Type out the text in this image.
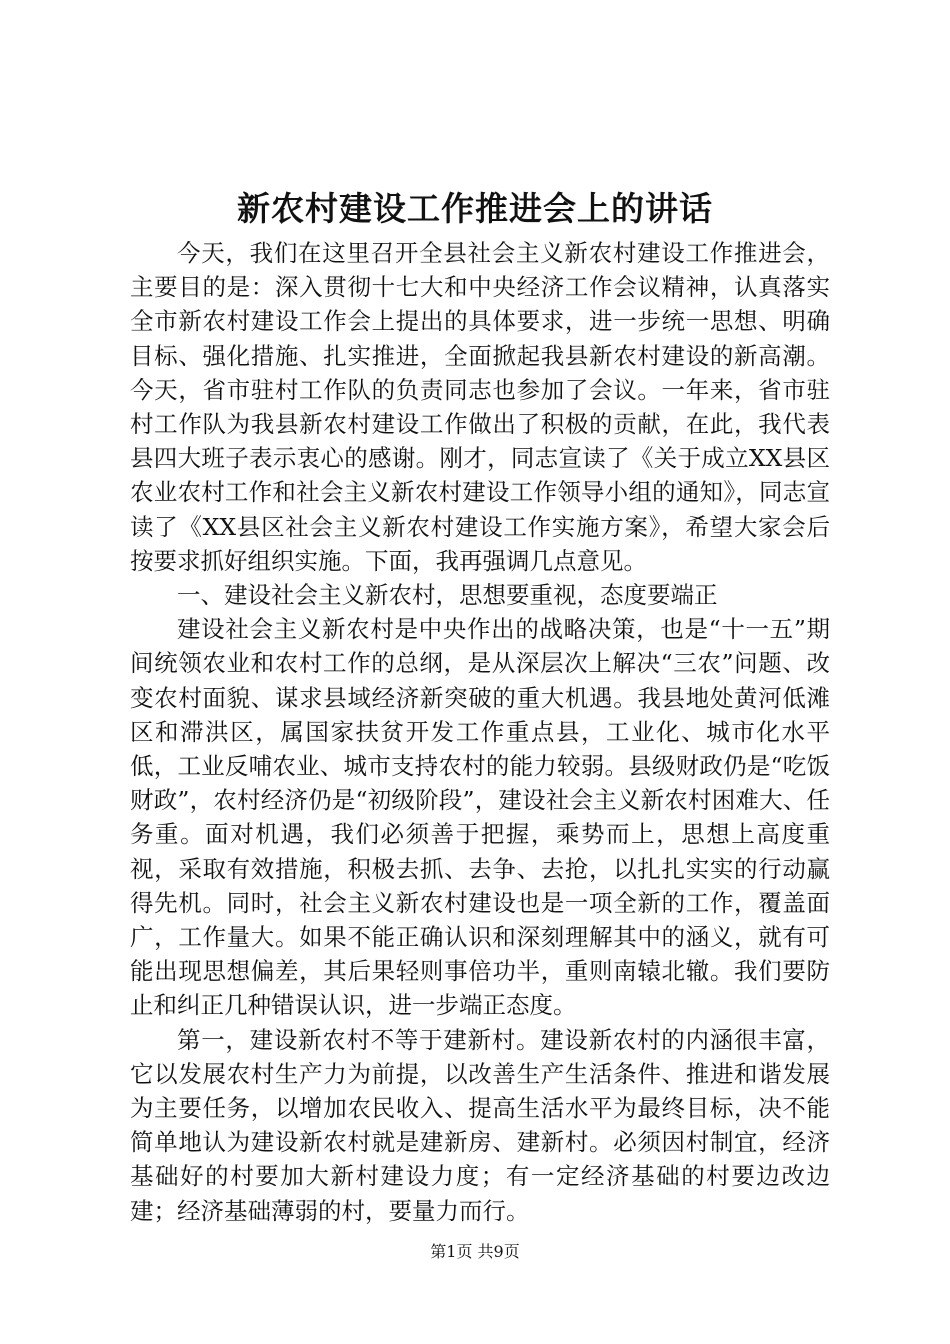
新农村建设工作推进会上的讲话

今天，我们在这里召开全县社会主义新农村建设工作推进会，主要目的是：深入贯彻十七大和中央经济工作会议精神，认真落实全市新农村建设工作会上提出的具体要求，进一步统一思想、明确目标、强化措施、扎实推进，全面掀起我县新农村建设的新高潮。今天，省市驻村工作队的负责同志也参加了会议。一年来，省市驻村工作队为我县新农村建设工作做出了积极的贡献，在此，我代表县四大班子表示衷心的感谢。刚才，同志宣读了《关于成立XX县区农业农村工作和社会主义新农村建设工作领导小组的通知》，同志宣读了《XX县区社会主义新农村建设工作实施方案》，希望大家会后按要求抓好组织实施。下面，我再强调几点意见。

一、建设社会主义新农村，思想要重视，态度要端正

建设社会主义新农村是中央作出的战略决策，也是“十一五”期间统领农业和农村工作的总纲，是从深层次上解决“三农”问题、改变农村面貌、谋求县域经济新突破的重大机遇。我县地处黄河低滩区和滞洪区，属国家扶贫开发工作重点县，工业化、城市化水平低，工业反哺农业、城市支持农村的能力较弱。县级财政仍是“吃饭财政”，农村经济仍是“初级阶段”，建设社会主义新农村困难大、任务重。面对机遇，我们必须善于把握，乘势而上，思想上高度重视，采取有效措施，积极去抓、去争、去抢，以扎扎实实的行动赢得先机。同时，社会主义新农村建设也是一项全新的工作，覆盖面广，工作量大。如果不能正确认识和深刻理解其中的涵义，就有可能出现思想偏差，其后果轻则事倍功半，重则南辕北辙。我们要防止和纠正几种错误认识，进一步端正态度。

第一，建设新农村不等于建新村。建设新农村的内涵很丰富，它以发展农村生产力为前提，以改善生产生活条件、推进和谐发展为主要任务，以增加农民收入、提高生活水平为最终目标，决不能简单地认为建设新农村就是建新房、建新村。必须因村制宜，经济基础好的村要加大新村建设力度；有一定经济基础的村要边改边建；经济基础薄弱的村，要量力而行。

第1页 共9页
